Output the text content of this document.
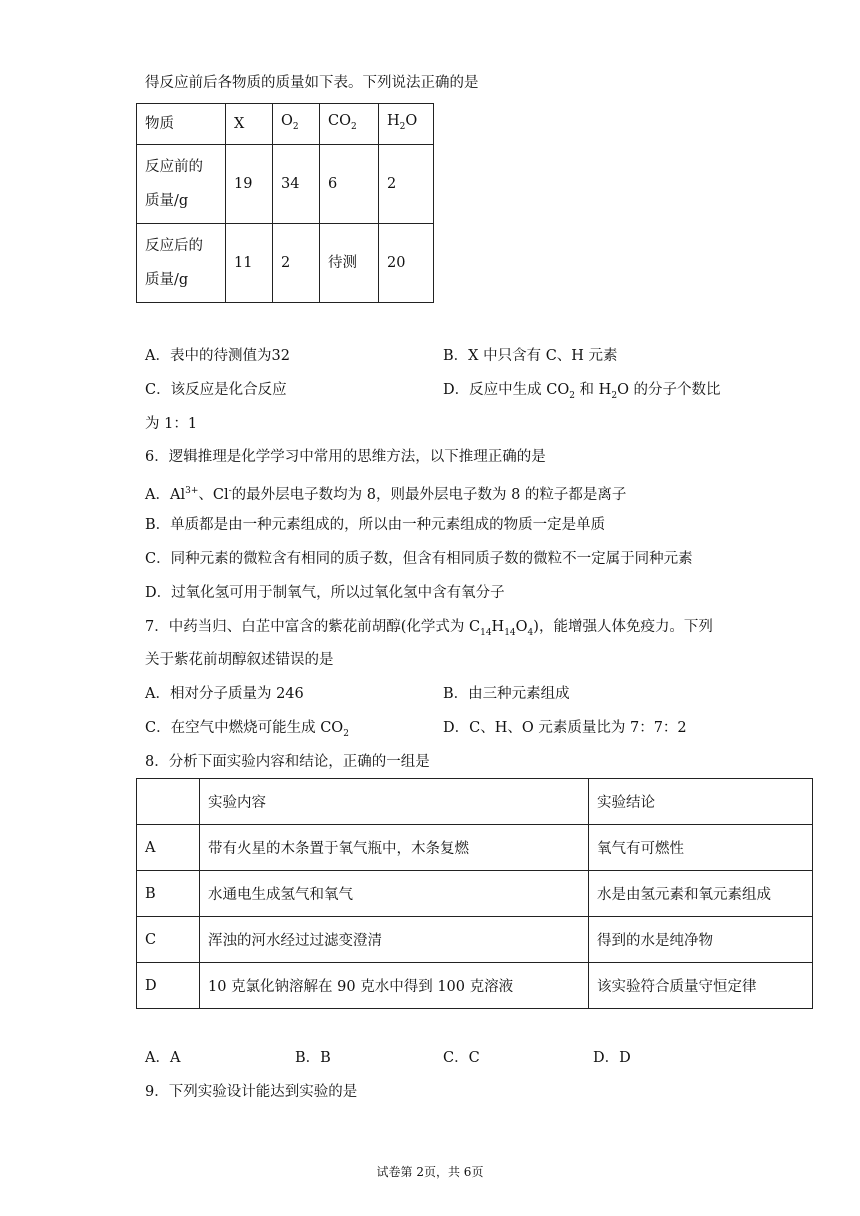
得反应前后各物质的质量如下表。下列说法正确的是
物质	X	$O_2$	$CO_2$	$H_2O$

反应前的
质量/g	19	34	6	2

反应后的
质量/g	11	2	待测	20
A．表中的待测值为32	B．X 中只含有 C、H 元素
C．该反应是化合反应	D．反应中生成 $CO_2$ 和 $H_2O$ 的分子个数比
为 1：1
6．逻辑推理是化学学习中常用的思维方法，以下推理正确的是
A．$Al^{3+}$、Cl-的最外层电子数均为 8，则最外层电子数为 8 的粒子都是离子
B．单质都是由一种元素组成的，所以由一种元素组成的物质一定是单质
C．同种元素的微粒含有相同的质子数，但含有相同质子数的微粒不一定属于同种元素
D．过氧化氢可用于制氧气，所以过氧化氢中含有氧分子
7．中药当归、白芷中富含的紫花前胡醇(化学式为 $C_{14}H_{14}O_4$)，能增强人体免疫力。下列
关于紫花前胡醇叙述错误的是
A．相对分子质量为 246	B．由三种元素组成
C．在空气中燃烧可能生成 $CO_2$	D．C、H、O 元素质量比为 7：7：2
8．分析下面实验内容和结论，正确的一组是
	实验内容	实验结论
A	带有火星的木条置于氧气瓶中，木条复燃	氧气有可燃性
B	水通电生成氢气和氧气	水是由氢元素和氧元素组成
C	浑浊的河水经过过滤变澄清	得到的水是纯净物
D	10 克氯化钠溶解在 90 克水中得到 100 克溶液	该实验符合质量守恒定律
A．A	B．B	C．C	D．D
9．下列实验设计能达到实验的是
试卷第 2页，共 6页
